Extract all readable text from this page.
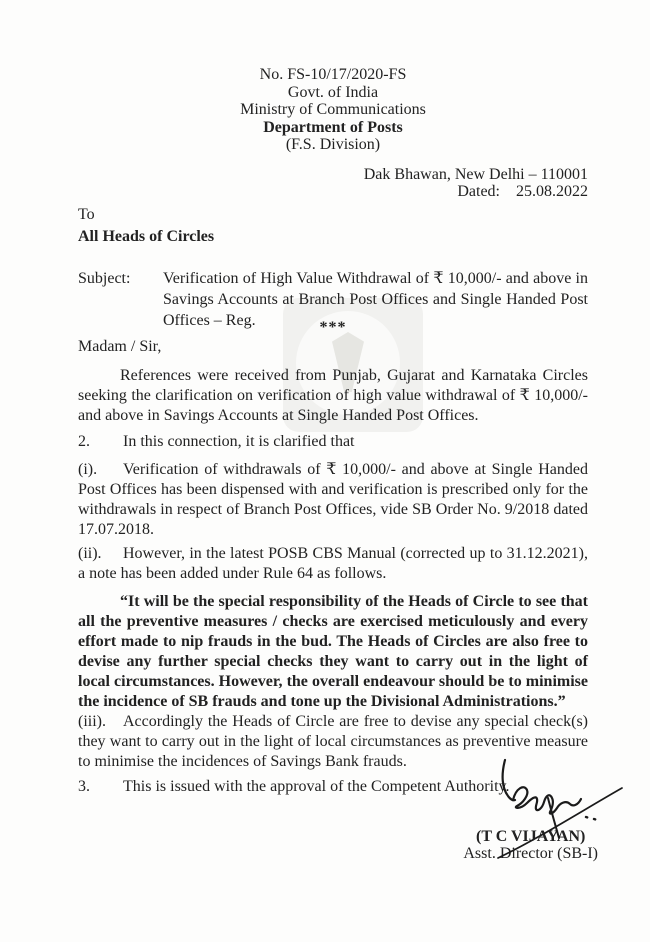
No. FS-10/17/2020-FS
Govt. of India
Ministry of Communications
Department of Posts
(F.S. Division)
Dak Bhawan, New Delhi – 110001
Dated: 25.08.2022
To
All Heads of Circles
Subject:	Verification of High Value Withdrawal of ₹ 10,000/- and above in Savings Accounts at Branch Post Offices and Single Handed Post Offices – Reg.	***
Madam / Sir,

References were received from Punjab, Gujarat and Karnataka Circles seeking the clarification on verification of high value withdrawal of ₹ 10,000/- and above in Savings Accounts at Single Handed Post Offices.

2. In this connection, it is clarified that

(i). Verification of withdrawals of ₹ 10,000/- and above at Single Handed Post Offices has been dispensed with and verification is prescribed only for the withdrawals in respect of Branch Post Offices, vide SB Order No. 9/2018 dated 17.07.2018.

(ii). However, in the latest POSB CBS Manual (corrected up to 31.12.2021), a note has been added under Rule 64 as follows.

“It will be the special responsibility of the Heads of Circle to see that all the preventive measures / checks are exercised meticulously and every effort made to nip frauds in the bud. The Heads of Circles are also free to devise any further special checks they want to carry out in the light of local circumstances. However, the overall endeavour should be to minimise the incidence of SB frauds and tone up the Divisional Administrations.”

(iii). Accordingly the Heads of Circle are free to devise any special check(s) they want to carry out in the light of local circumstances as preventive measure to minimise the incidences of Savings Bank frauds.

3. This is issued with the approval of the Competent Authority.

(T C VIJAYAN)
Asst. Director (SB-I)
